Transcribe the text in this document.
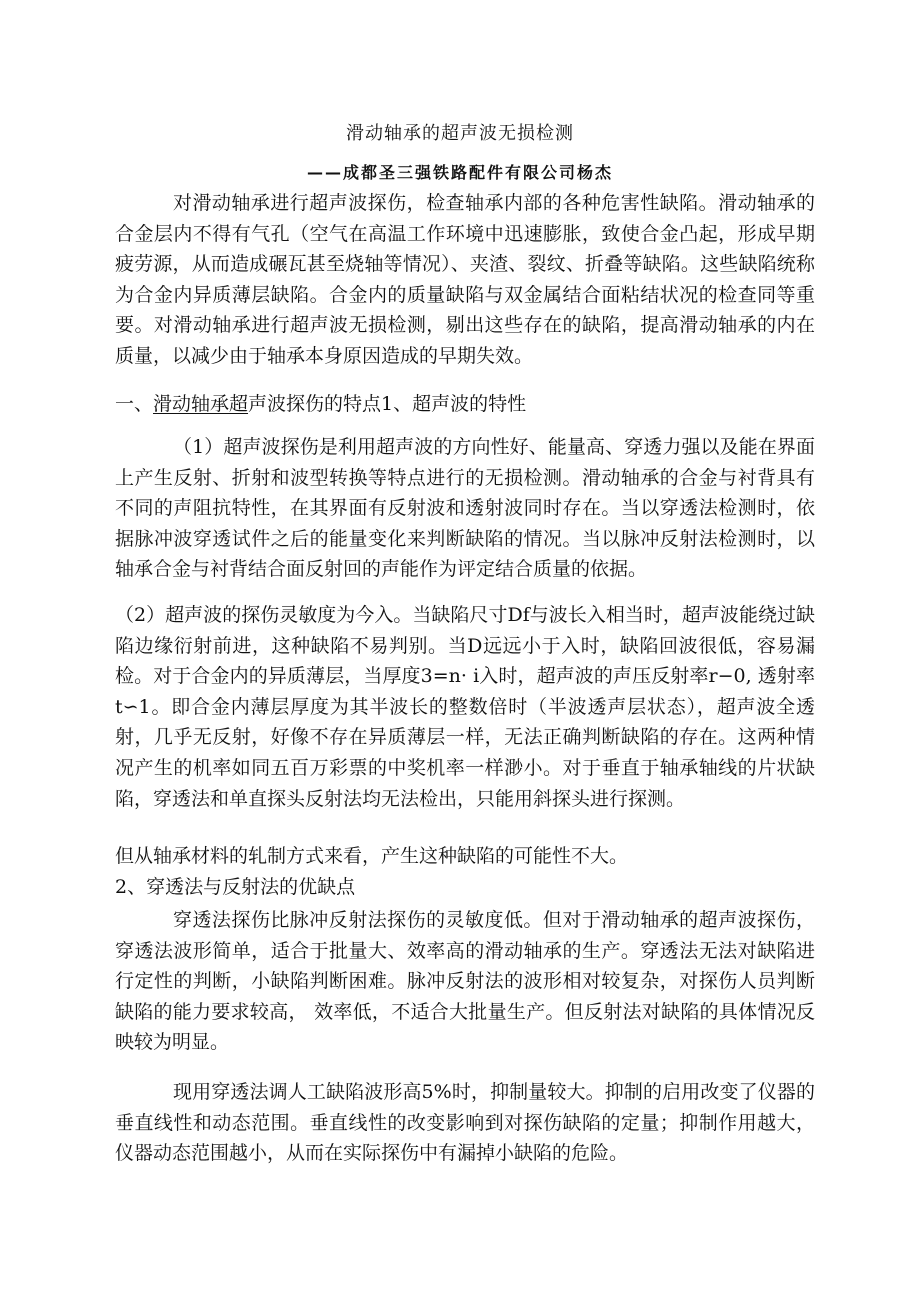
滑动轴承的超声波无损检测
——成都圣三强铁路配件有限公司杨杰
对滑动轴承进行超声波探伤，检查轴承内部的各种危害性缺陷。滑动轴承的合金层内不得有气孔（空气在高温工作环境中迅速膨胀，致使合金凸起，形成早期疲劳源，从而造成碾瓦甚至烧轴等情况）、夹渣、裂纹、折叠等缺陷。这些缺陷统称为合金内异质薄层缺陷。合金内的质量缺陷与双金属结合面粘结状况的检查同等重要。对滑动轴承进行超声波无损检测，剔出这些存在的缺陷，提高滑动轴承的内在质量，以减少由于轴承本身原因造成的早期失效。
一、滑动轴承超声波探伤的特点1、超声波的特性
（1）超声波探伤是利用超声波的方向性好、能量高、穿透力强以及能在界面上产生反射、折射和波型转换等特点进行的无损检测。滑动轴承的合金与衬背具有不同的声阻抗特性，在其界面有反射波和透射波同时存在。当以穿透法检测时，依据脉冲波穿透试件之后的能量变化来判断缺陷的情况。当以脉冲反射法检测时，以轴承合金与衬背结合面反射回的声能作为评定结合质量的依据。
（2）超声波的探伤灵敏度为今入。当缺陷尺寸Df与波长入相当时，超声波能绕过缺陷边缘衍射前进，这种缺陷不易判别。当D远远小于入时，缺陷回波很低，容易漏检。对于合金内的异质薄层，当厚度3=n· i入时，超声波的声压反射率r−0, 透射率t∽1。即合金内薄层厚度为其半波长的整数倍时（半波透声层状态），超声波全透射，几乎无反射，好像不存在异质薄层一样，无法正确判断缺陷的存在。这两种情况产生的机率如同五百万彩票的中奖机率一样渺小。对于垂直于轴承轴线的片状缺陷，穿透法和单直探头反射法均无法检出，只能用斜探头进行探测。
但从轴承材料的轧制方式来看，产生这种缺陷的可能性不大。
2、穿透法与反射法的优缺点
穿透法探伤比脉冲反射法探伤的灵敏度低。但对于滑动轴承的超声波探伤，穿透法波形简单，适合于批量大、效率高的滑动轴承的生产。穿透法无法对缺陷进行定性的判断，小缺陷判断困难。脉冲反射法的波形相对较复杂，对探伤人员判断缺陷的能力要求较高， 效率低，不适合大批量生产。但反射法对缺陷的具体情况反映较为明显。
现用穿透法调人工缺陷波形高5%时，抑制量较大。抑制的启用改变了仪器的垂直线性和动态范围。垂直线性的改变影响到对探伤缺陷的定量；抑制作用越大，仪器动态范围越小，从而在实际探伤中有漏掉小缺陷的危险。
